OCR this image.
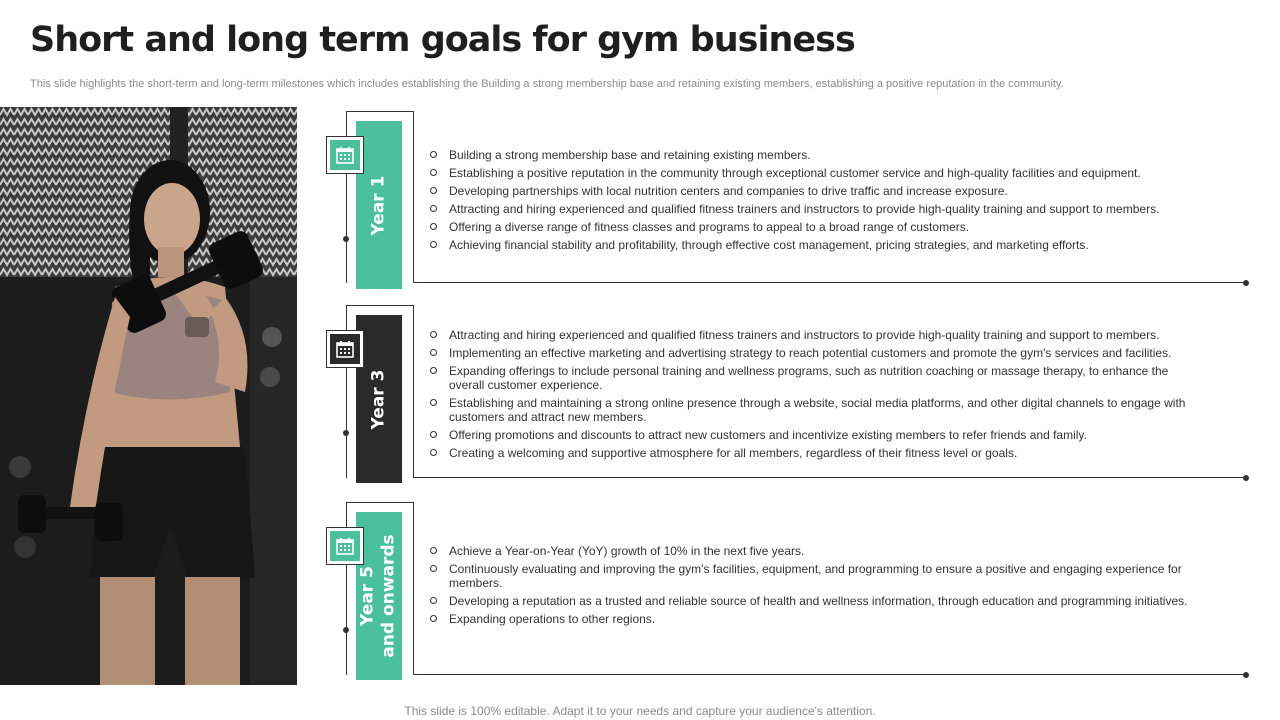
Short and long term goals for gym business

This slide highlights the short-term and long-term milestones which includes establishing the Building a strong membership base and retaining existing members, establishing a positive reputation in the community.

Year 1
Building a strong membership base and retaining existing members.
Establishing a positive reputation in the community through exceptional customer service and high-quality facilities and equipment.
Developing partnerships with local nutrition centers and companies to drive traffic and increase exposure.
Attracting and hiring experienced and qualified fitness trainers and instructors to provide high-quality training and support to members.
Offering a diverse range of fitness classes and programs to appeal to a broad range of customers.
Achieving financial stability and profitability, through effective cost management, pricing strategies, and marketing efforts.
Year 3
Attracting and hiring experienced and qualified fitness trainers and instructors to provide high-quality training and support to members.
Implementing an effective marketing and advertising strategy to reach potential customers and promote the gym's services and facilities.
Expanding offerings to include personal training and wellness programs, such as nutrition coaching or massage therapy, to enhance the overall customer experience.
Establishing and maintaining a strong online presence through a website, social media platforms, and other digital channels to engage with customers and attract new members.
Offering promotions and discounts to attract new customers and incentivize existing members to refer friends and family.
Creating a welcoming and supportive atmosphere for all members, regardless of their fitness level or goals.
Year 5 and onwards	Achieve a Year-on-Year (YoY) growth of 10% in the next five years.
Continuously evaluating and improving the gym's facilities, equipment, and programming to ensure a positive and engaging experience for members.
Developing a reputation as a trusted and reliable source of health and wellness information, through education and programming initiatives.
Expanding operations to other regions.
This slide is 100% editable. Adapt it to your needs and capture your audience's attention.
